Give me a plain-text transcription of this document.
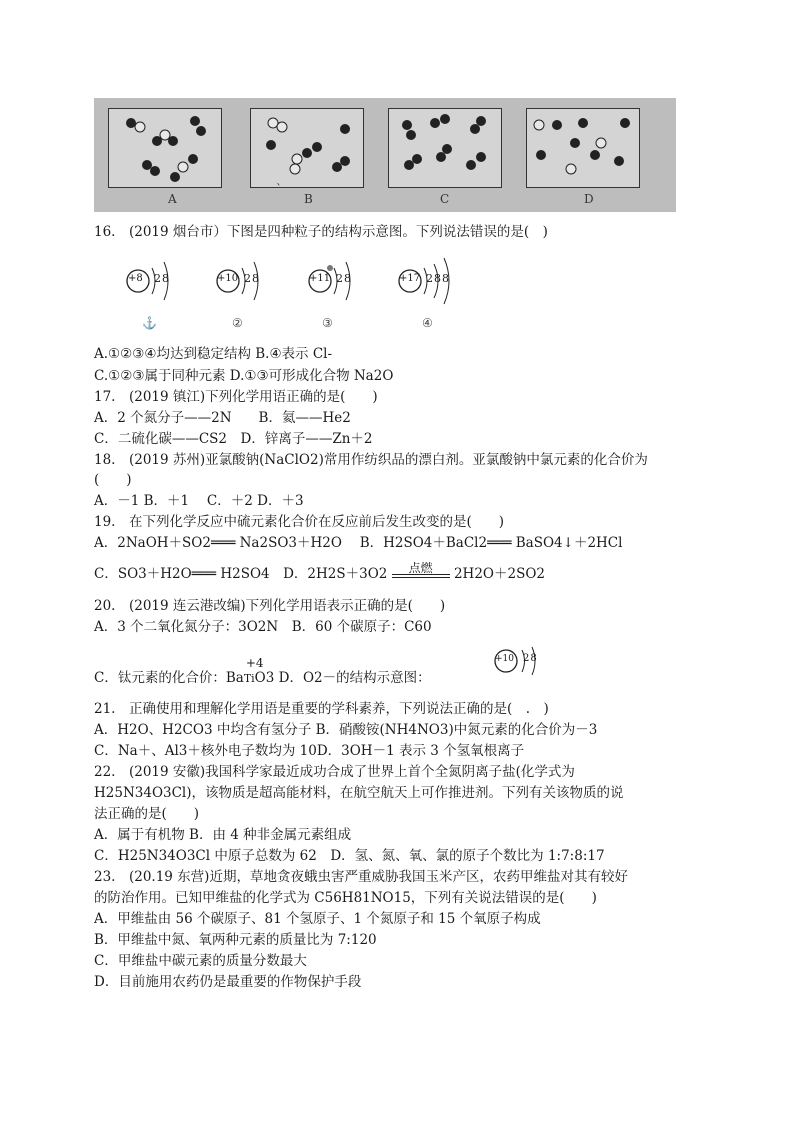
A	B
`
C	D
16.　(2019 烟台市）下图是四种粒子的结构示意图。下列说法错误的是(　)
+8 28
⚓
+10 28
②
+11 28
③
+17 288
④
A.①②③④均达到稳定结构 B.④表示 Cl-
C.①②③属于同种元素 D.①③可形成化合物 Na2O
17.　(2019 镇江)下列化学用语正确的是(　　)
A．2 个氮分子——2N　　B．氦——He2
C．二硫化碳——CS2　D．锌离子——Zn＋2
18.　(2019 苏州)亚氯酸钠(NaClO2)常用作纺织品的漂白剂。亚氯酸钠中氯元素的化合价为
(　　)
A．－1 B．＋1　 C．＋2 D．＋3
19.　在下列化学反应中硫元素化合价在反应前后发生改变的是(　　)
A．2NaOH＋SO2═══ Na2SO3＋H2O　 B．H2SO4＋BaCl2═══ BaSO4↓＋2HCl
C．SO3＋H2O═══ H2SO4　D．2H2S＋3O2	点燃	2H2O＋2SO2
20.　(2019 连云港改编)下列化学用语表示正确的是(　　)
A．3 个二氧化氮分子：3O2N　B．60 个碳原子：C60
C．钛元素的化合价：Ba
+4
TiO3 D．O2－的结构示意图：
+10 28
21.　正确使用和理解化学用语是重要的学科素养，下列说法正确的是(　.　)
A．H2O、H2CO3 中均含有氢分子 B．硝酸铵(NH4NO3)中氮元素的化合价为－3
C．Na＋、Al3＋核外电子数均为 10D．3OH－1 表示 3 个氢氧根离子
22.　(2019 安徽)我国科学家最近成功合成了世界上首个全氮阴离子盐(化学式为
H25N34O3Cl)，该物质是超高能材料，在航空航天上可作推进剂。下列有关该物质的说
法正确的是(　　)
A．属于有机物 B．由 4 种非金属元素组成
C．H25N34O3Cl 中原子总数为 62　D．氢、氮、氧、氯的原子个数比为 1:7:8:17
23.　(20.19 东营)近期，草地贪夜蛾虫害严重威胁我国玉米产区，农药甲维盐对其有较好
的防治作用。已知甲维盐的化学式为 C56H81NO15，下列有关说法错误的是(　　)
A．甲维盐由 56 个碳原子、81 个氢原子、1 个氮原子和 15 个氧原子构成
B．甲维盐中氮、氧两种元素的质量比为 7:120
C．甲维盐中碳元素的质量分数最大
D．目前施用农药仍是最重要的作物保护手段
